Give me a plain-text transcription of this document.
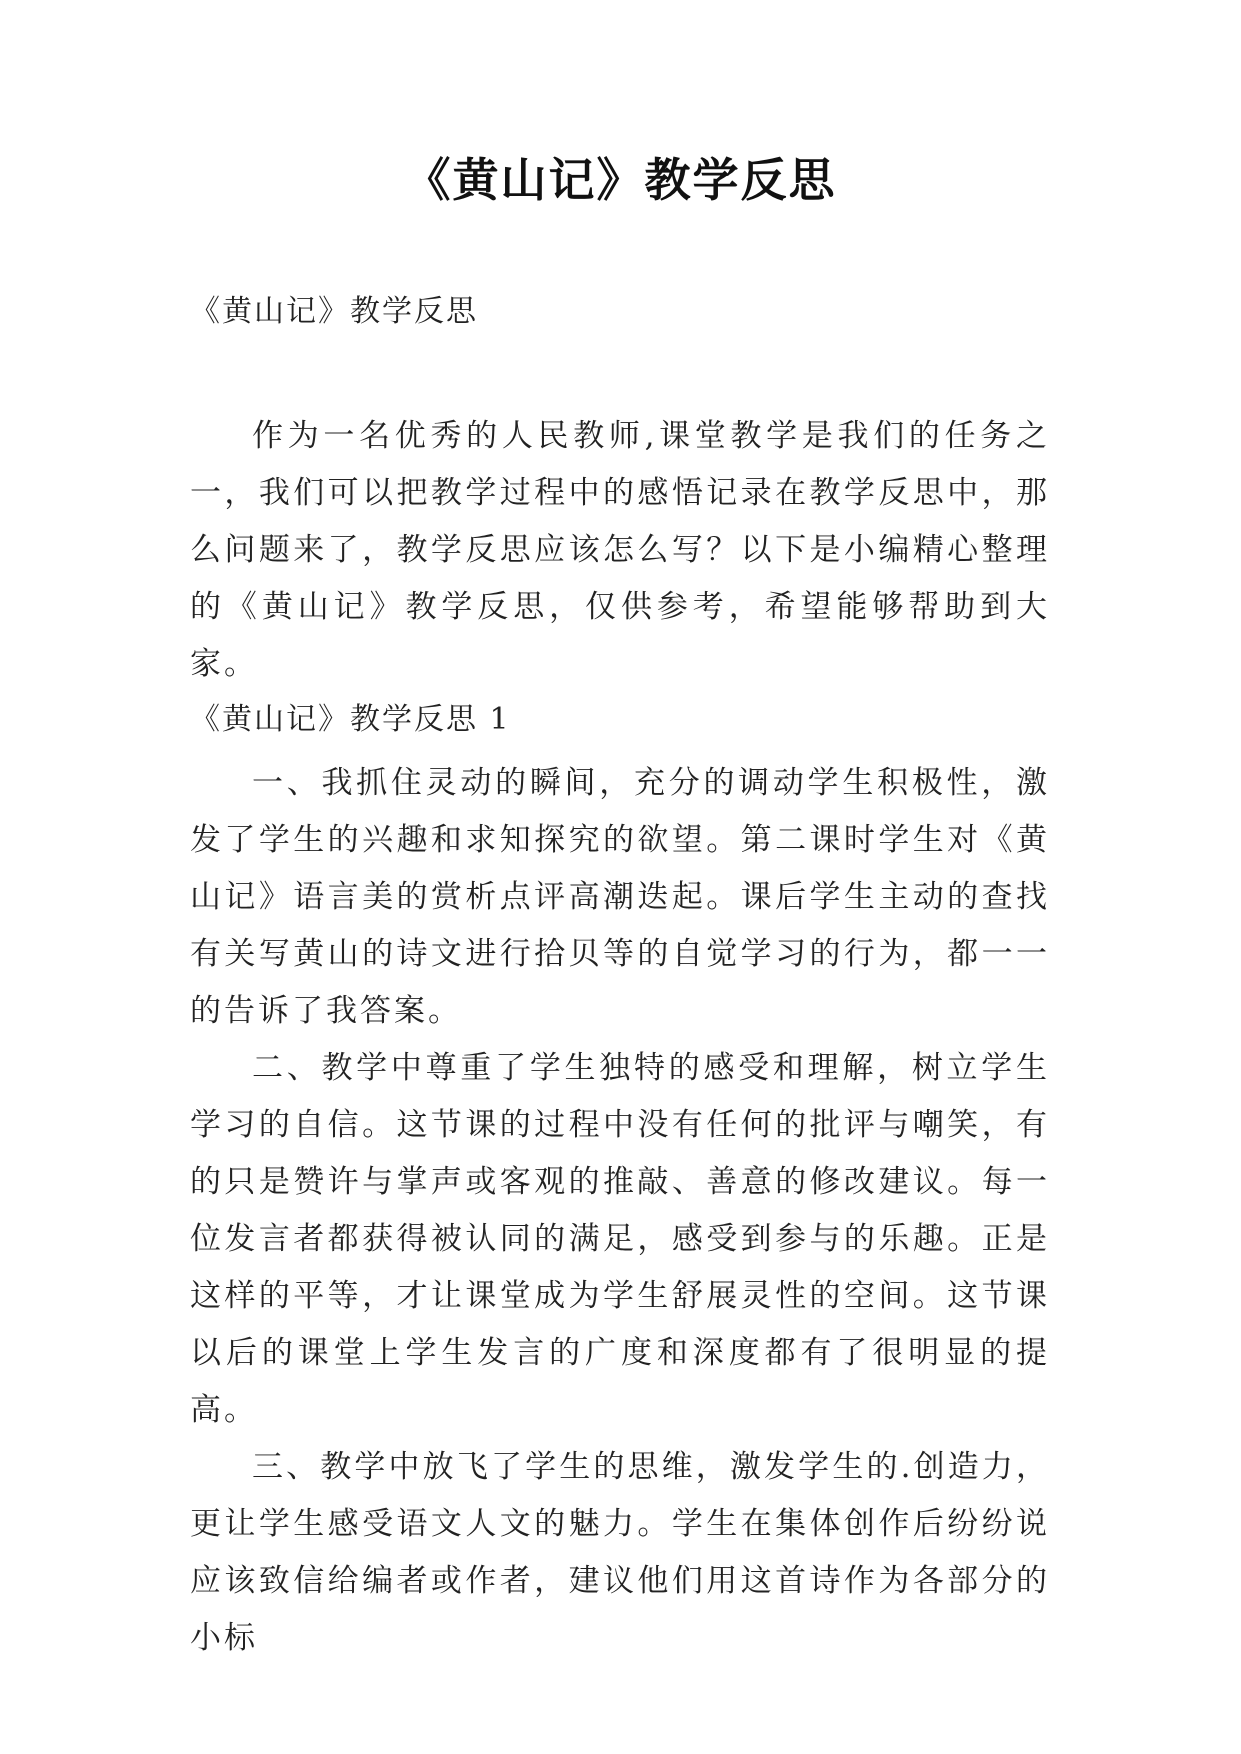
《黄山记》教学反思
《黄山记》教学反思

作为一名优秀的人民教师,课堂教学是我们的任务之一，我们可以把教学过程中的感悟记录在教学反思中，那么问题来了，教学反思应该怎么写？以下是小编精心整理的《黄山记》教学反思，仅供参考，希望能够帮助到大家。

《黄山记》教学反思 1

一、我抓住灵动的瞬间，充分的调动学生积极性，激发了学生的兴趣和求知探究的欲望。第二课时学生对《黄山记》语言美的赏析点评高潮迭起。课后学生主动的查找有关写黄山的诗文进行拾贝等的自觉学习的行为，都一一的告诉了我答案。

二、教学中尊重了学生独特的感受和理解，树立学生学习的自信。这节课的过程中没有任何的批评与嘲笑，有的只是赞许与掌声或客观的推敲、善意的修改建议。每一位发言者都获得被认同的满足，感受到参与的乐趣。正是这样的平等，才让课堂成为学生舒展灵性的空间。这节课以后的课堂上学生发言的广度和深度都有了很明显的提高。

三、教学中放飞了学生的思维，激发学生的.创造力，更让学生感受语文人文的魅力。学生在集体创作后纷纷说应该致信给编者或作者，建议他们用这首诗作为各部分的小标
